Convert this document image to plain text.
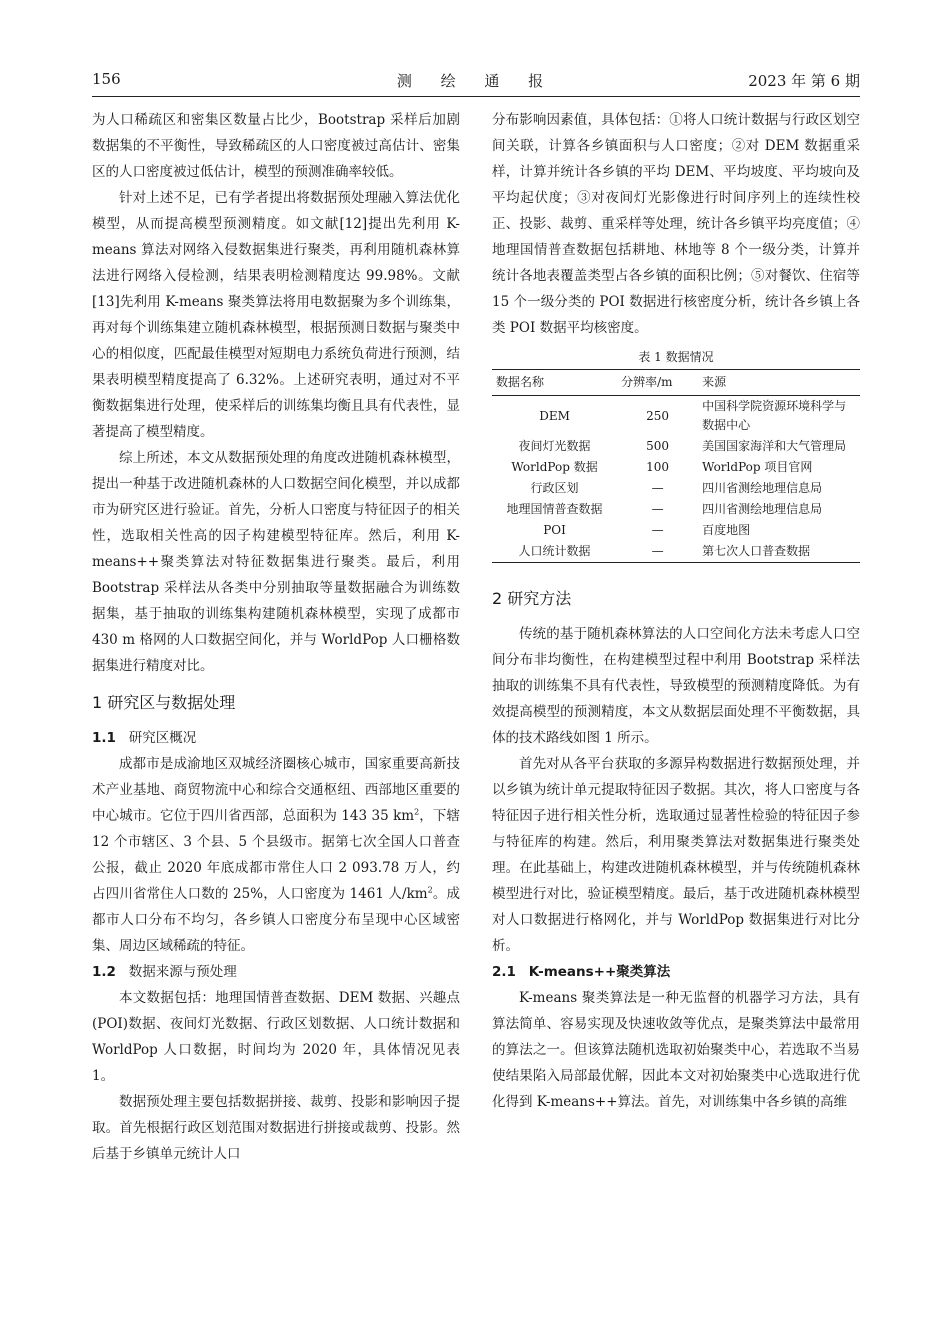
156	测 绘 通 报	2023 年 第 6 期

为人口稀疏区和密集区数量占比少，Bootstrap 采样后加剧数据集的不平衡性，导致稀疏区的人口密度被过高估计、密集区的人口密度被过低估计，模型的预测准确率较低。

针对上述不足，已有学者提出将数据预处理融入算法优化模型，从而提高模型预测精度。如文献[12]提出先利用 K-means 算法对网络入侵数据集进行聚类，再利用随机森林算法进行网络入侵检测，结果表明检测精度达 99.98%。文献[13]先利用 K-means 聚类算法将用电数据聚为多个训练集，再对每个训练集建立随机森林模型，根据预测日数据与聚类中心的相似度，匹配最佳模型对短期电力系统负荷进行预测，结果表明模型精度提高了 6.32%。上述研究表明，通过对不平衡数据集进行处理，使采样后的训练集均衡且具有代表性，显著提高了模型精度。

综上所述，本文从数据预处理的角度改进随机森林模型，提出一种基于改进随机森林的人口数据空间化模型，并以成都市为研究区进行验证。首先，分析人口密度与特征因子的相关性，选取相关性高的因子构建模型特征库。然后，利用 K-means++聚类算法对特征数据集进行聚类。最后，利用 Bootstrap 采样法从各类中分别抽取等量数据融合为训练数据集，基于抽取的训练集构建随机森林模型，实现了成都市 430 m 格网的人口数据空间化，并与 WorldPop 人口栅格数据集进行精度对比。

1 研究区与数据处理
1.1 研究区概况

成都市是成渝地区双城经济圈核心城市，国家重要高新技术产业基地、商贸物流中心和综合交通枢纽、西部地区重要的中心城市。它位于四川省西部，总面积为 143 35 $km^2$，下辖 12 个市辖区、3 个县、5 个县级市。据第七次全国人口普查公报，截止 2020 年底成都市常住人口 2 093.78 万人，约占四川省常住人口数的 25%，人口密度为 1461 人$/km^2$。成都市人口分布不均匀，各乡镇人口密度分布呈现中心区域密集、周边区域稀疏的特征。

1.2 数据来源与预处理

本文数据包括：地理国情普查数据、DEM 数据、兴趣点(POI)数据、夜间灯光数据、行政区划数据、人口统计数据和 WorldPop 人口数据，时间均为 2020 年，具体情况见表 1。

数据预处理主要包括数据拼接、裁剪、投影和影响因子提取。首先根据行政区划范围对数据进行拼接或裁剪、投影。然后基于乡镇单元统计人口

分布影响因素值，具体包括：①将人口统计数据与行政区划空间关联，计算各乡镇面积与人口密度；②对 DEM 数据重采样，计算并统计各乡镇的平均 DEM、平均坡度、平均坡向及平均起伏度；③对夜间灯光影像进行时间序列上的连续性校正、投影、裁剪、重采样等处理，统计各乡镇平均亮度值；④地理国情普查数据包括耕地、林地等 8 个一级分类，计算并统计各地表覆盖类型占各乡镇的面积比例；⑤对餐饮、住宿等 15 个一级分类的 POI 数据进行核密度分析，统计各乡镇上各类 POI 数据平均核密度。

表 1 数据情况
数据名称	分辨率/m	来源
DEM	250	中国科学院资源环境科学与数据中心
夜间灯光数据	500	美国国家海洋和大气管理局
WorldPop 数据	100	WorldPop 项目官网
行政区划	—	四川省测绘地理信息局
地理国情普查数据	—	四川省测绘地理信息局
POI	—	百度地图
人口统计数据	—	第七次人口普查数据
2 研究方法

传统的基于随机森林算法的人口空间化方法未考虑人口空间分布非均衡性，在构建模型过程中利用 Bootstrap 采样法抽取的训练集不具有代表性，导致模型的预测精度降低。为有效提高模型的预测精度，本文从数据层面处理不平衡数据，具体的技术路线如图 1 所示。

首先对从各平台获取的多源异构数据进行数据预处理，并以乡镇为统计单元提取特征因子数据。其次，将人口密度与各特征因子进行相关性分析，选取通过显著性检验的特征因子参与特征库的构建。然后，利用聚类算法对数据集进行聚类处理。在此基础上，构建改进随机森林模型，并与传统随机森林模型进行对比，验证模型精度。最后，基于改进随机森林模型对人口数据进行格网化，并与 WorldPop 数据集进行对比分析。

2.1 K-means++聚类算法

K-means 聚类算法是一种无监督的机器学习方法，具有算法简单、容易实现及快速收敛等优点，是聚类算法中最常用的算法之一。但该算法随机选取初始聚类中心，若选取不当易使结果陷入局部最优解，因此本文对初始聚类中心选取进行优化得到 K-means++算法。首先，对训练集中各乡镇的高维
